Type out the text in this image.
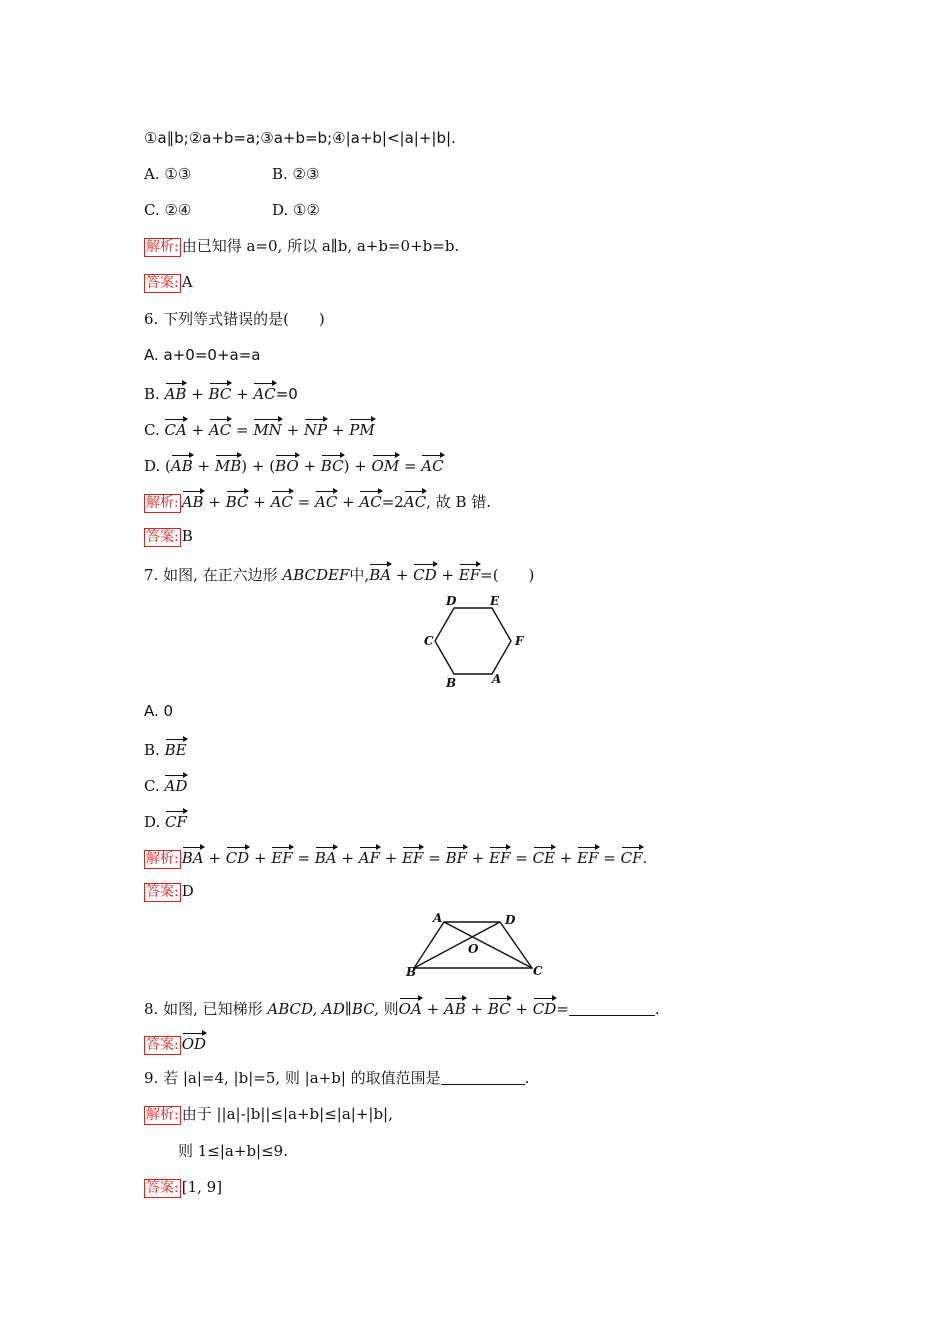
①a∥b;②a+b=a;③a+b=b;④|a+b|<|a|+|b|.
A. ①③	B. ②③
C. ②④	D. ①②
解析: 由已知得 a=0, 所以 a∥b, a+b=0+b=b.
答案: A
6. 下列等式错误的是(　　)
A. a+0=0+a=a
B. AB + BC + AC=0
C. CA + AC = MN + NP + PM
D. (AB + MB) + (BO + BC) + OM = AC
解析: AB + BC + AC = AC + AC=2AC, 故 B 错.
答案: B
7. 如图, 在正六边形 ABCDEF中,BA + CD + EF=(　　)
D	E
C	F
B	A
A. 0
B. BE
C. AD
D. CF
解析: BA + CD + EF = BA + AF + EF = BF + EF = CE + EF = CF.
答案: D
A	D
O
B	C
8. 如图, 已知梯形 ABCD, AD∥BC, 则OA + AB + BC + CD=	.
答案: OD
9. 若 |a|=4, |b|=5, 则 |a+b| 的取值范围是	.
解析: 由于 ||a|-|b||≤|a+b|≤|a|+|b|,
则 1≤|a+b|≤9.
答案: [1, 9]
